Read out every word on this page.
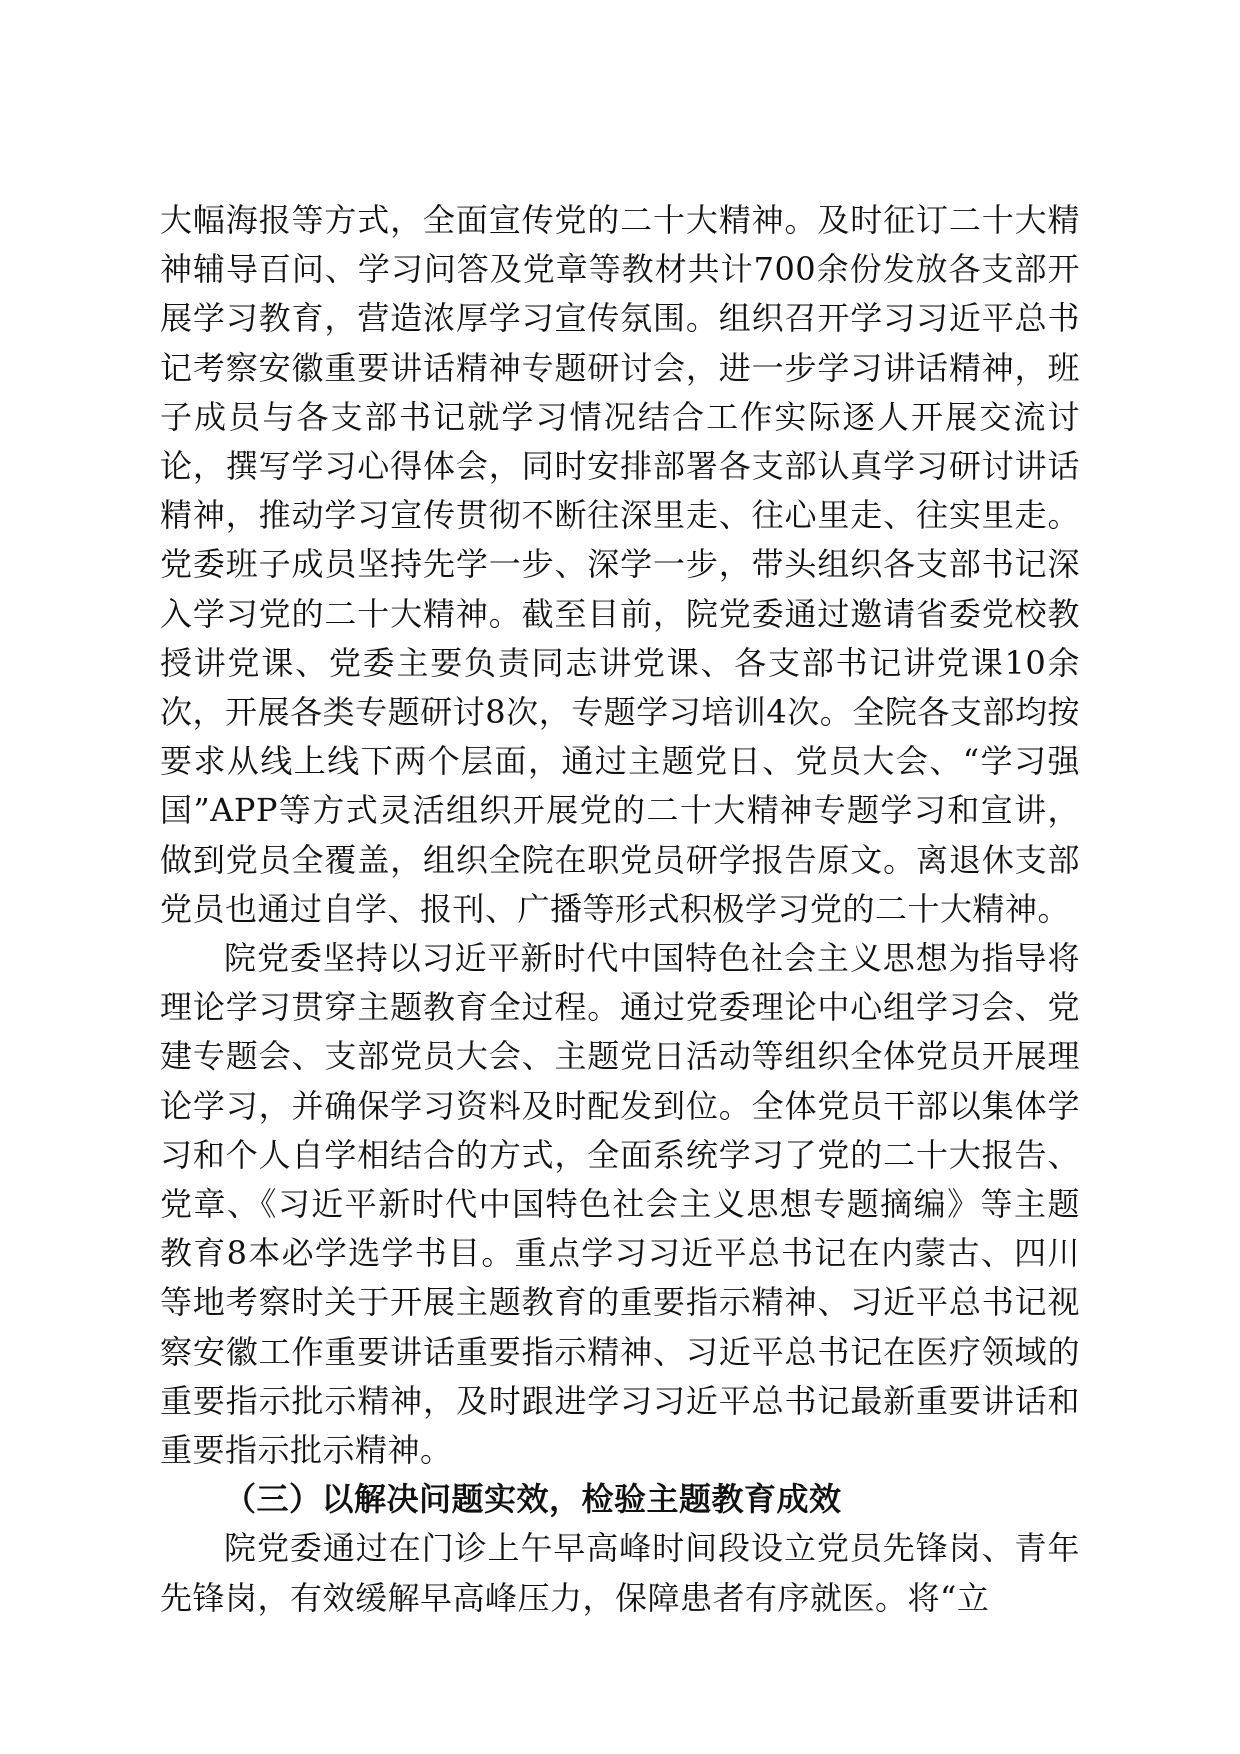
大幅海报等方式，全面宣传党的二十大精神。及时征订二十大精神辅导百问、学习问答及党章等教材共计700余份发放各支部开展学习教育，营造浓厚学习宣传氛围。组织召开学习习近平总书记考察安徽重要讲话精神专题研讨会，进一步学习讲话精神，班子成员与各支部书记就学习情况结合工作实际逐人开展交流讨论，撰写学习心得体会，同时安排部署各支部认真学习研讨讲话精神，推动学习宣传贯彻不断往深里走、往心里走、往实里走。党委班子成员坚持先学一步、深学一步，带头组织各支部书记深入学习党的二十大精神。截至目前，院党委通过邀请省委党校教授讲党课、党委主要负责同志讲党课、各支部书记讲党课10余次，开展各类专题研讨8次，专题学习培训4次。全院各支部均按要求从线上线下两个层面，通过主题党日、党员大会、“学习强国”APP等方式灵活组织开展党的二十大精神专题学习和宣讲，做到党员全覆盖，组织全院在职党员研学报告原文。离退休支部党员也通过自学、报刊、广播等形式积极学习党的二十大精神。

院党委坚持以习近平新时代中国特色社会主义思想为指导将理论学习贯穿主题教育全过程。通过党委理论中心组学习会、党建专题会、支部党员大会、主题党日活动等组织全体党员开展理论学习，并确保学习资料及时配发到位。全体党员干部以集体学习和个人自学相结合的方式，全面系统学习了党的二十大报告、党章、《习近平新时代中国特色社会主义思想专题摘编》等主题教育8本必学选学书目。重点学习习近平总书记在内蒙古、四川等地考察时关于开展主题教育的重要指示精神、习近平总书记视察安徽工作重要讲话重要指示精神、习近平总书记在医疗领域的重要指示批示精神，及时跟进学习习近平总书记最新重要讲话和重要指示批示精神。

（三）以解决问题实效，检验主题教育成效

院党委通过在门诊上午早高峰时间段设立党员先锋岗、青年先锋岗，有效缓解早高峰压力，保障患者有序就医。将“立
